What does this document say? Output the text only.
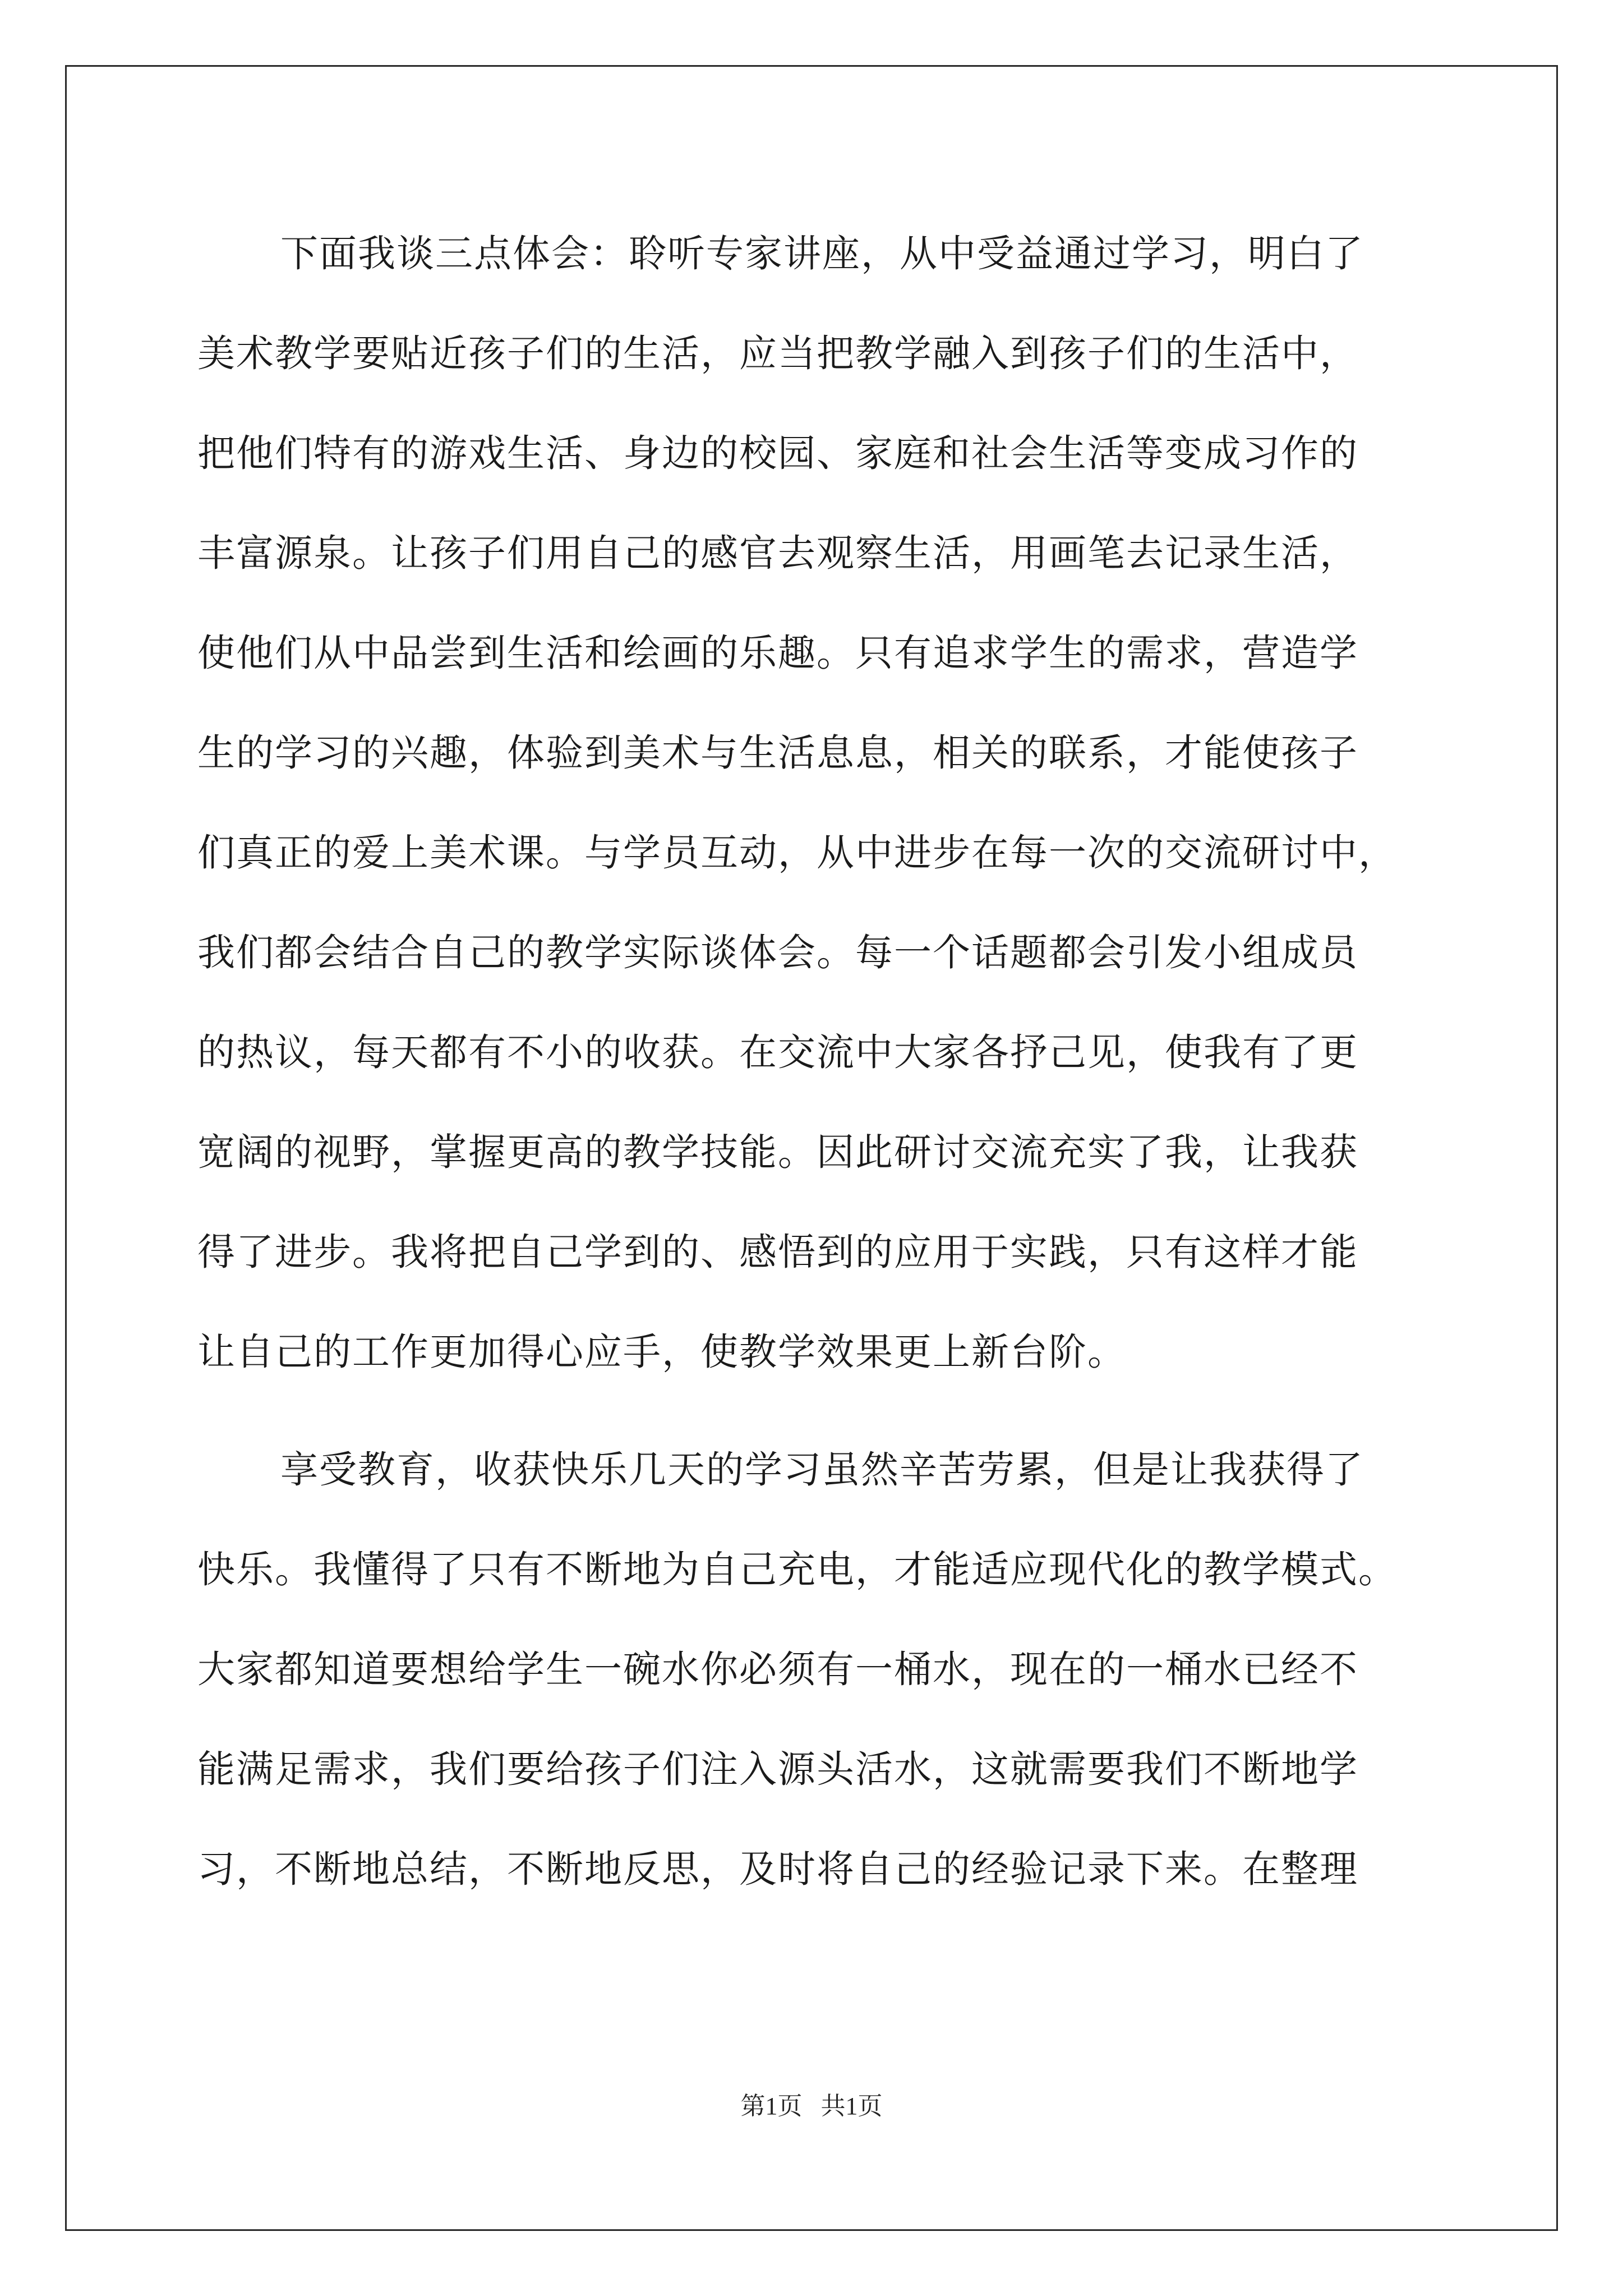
下面我谈三点体会：聆听专家讲座，从中受益通过学习，明白了
美术教学要贴近孩子们的生活，应当把教学融入到孩子们的生活中，
把他们特有的游戏生活、身边的校园、家庭和社会生活等变成习作的
丰富源泉。让孩子们用自己的感官去观察生活，用画笔去记录生活，
使他们从中品尝到生活和绘画的乐趣。只有追求学生的需求，营造学
生的学习的兴趣，体验到美术与生活息息，相关的联系，才能使孩子
们真正的爱上美术课。与学员互动，从中进步在每一次的交流研讨中，
我们都会结合自己的教学实际谈体会。每一个话题都会引发小组成员
的热议，每天都有不小的收获。在交流中大家各抒己见，使我有了更
宽阔的视野，掌握更高的教学技能。因此研讨交流充实了我，让我获
得了进步。我将把自己学到的、感悟到的应用于实践，只有这样才能
让自己的工作更加得心应手，使教学效果更上新台阶。
享受教育，收获快乐几天的学习虽然辛苦劳累，但是让我获得了
快乐。我懂得了只有不断地为自己充电，才能适应现代化的教学模式。
大家都知道要想给学生一碗水你必须有一桶水，现在的一桶水已经不
能满足需求，我们要给孩子们注入源头活水，这就需要我们不断地学
习，不断地总结，不断地反思，及时将自己的经验记录下来。在整理
第1页 共1页
